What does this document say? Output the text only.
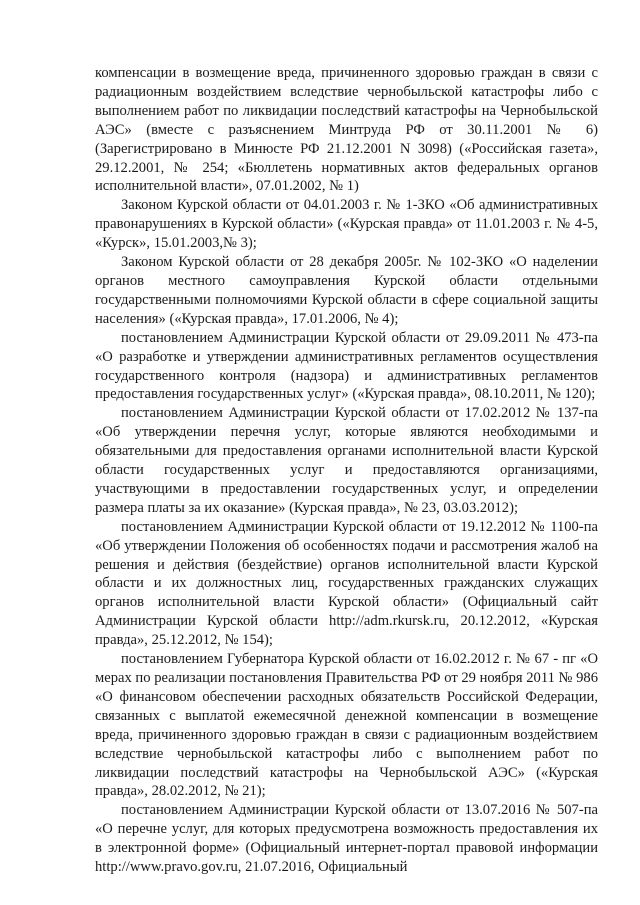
компенсации в возмещение вреда, причиненного здоровью граждан в связи с радиационным воздействием вследствие чернобыльской катастрофы либо с выполнением работ по ликвидации последствий катастрофы на Чернобыльской АЭС» (вместе с разъяснением Минтруда РФ от 30.11.2001 № 6) (Зарегистрировано в Минюсте РФ 21.12.2001 N 3098) («Российская газета», 29.12.2001, № 254; «Бюллетень нормативных актов федеральных органов исполнительной власти», 07.01.2002, № 1)

Законом Курской области от 04.01.2003 г. № 1-ЗКО «Об административных правонарушениях в Курской области» («Курская правда» от 11.01.2003 г. № 4-5, «Курск», 15.01.2003,№ 3);

Законом Курской области от 28 декабря 2005г. № 102-ЗКО «О наделении органов местного самоуправления Курской области отдельными государственными полномочиями Курской области в сфере социальной защиты населения» («Курская правда», 17.01.2006, № 4);

постановлением Администрации Курской области от 29.09.2011 № 473-па «О разработке и утверждении административных регламентов осуществления государственного контроля (надзора) и административных регламентов предоставления государственных услуг» («Курская правда», 08.10.2011, № 120);

постановлением Администрации Курской области от 17.02.2012 № 137-па «Об утверждении перечня услуг, которые являются необходимыми и обязательными для предоставления органами исполнительной власти Курской области государственных услуг и предоставляются организациями, участвующими в предоставлении государственных услуг, и определении размера платы за их оказание» (Курская правда», № 23, 03.03.2012);

постановлением Администрации Курской области от 19.12.2012 № 1100-па «Об утверждении Положения об особенностях подачи и рассмотрения жалоб на решения и действия (бездействие) органов исполнительной власти Курской области и их должностных лиц, государственных гражданских служащих органов исполнительной власти Курской области» (Официальный сайт Администрации Курской области http://adm.rkursk.ru, 20.12.2012, «Курская правда», 25.12.2012, № 154);

постановлением Губернатора Курской области от 16.02.2012 г. № 67 - пг «О мерах по реализации постановления Правительства РФ от 29 ноября 2011 № 986 «О финансовом обеспечении расходных обязательств Российской Федерации, связанных с выплатой ежемесячной денежной компенсации в возмещение вреда, причиненного здоровью граждан в связи с радиационным воздействием вследствие чернобыльской катастрофы либо с выполнением работ по ликвидации последствий катастрофы на Чернобыльской АЭС» («Курская правда», 28.02.2012, № 21);

постановлением Администрации Курской области от 13.07.2016 № 507-па «О перечне услуг, для которых предусмотрена возможность предоставления их в электронной форме» (Официальный интернет-портал правовой информации http://www.pravo.gov.ru, 21.07.2016, Официальный
